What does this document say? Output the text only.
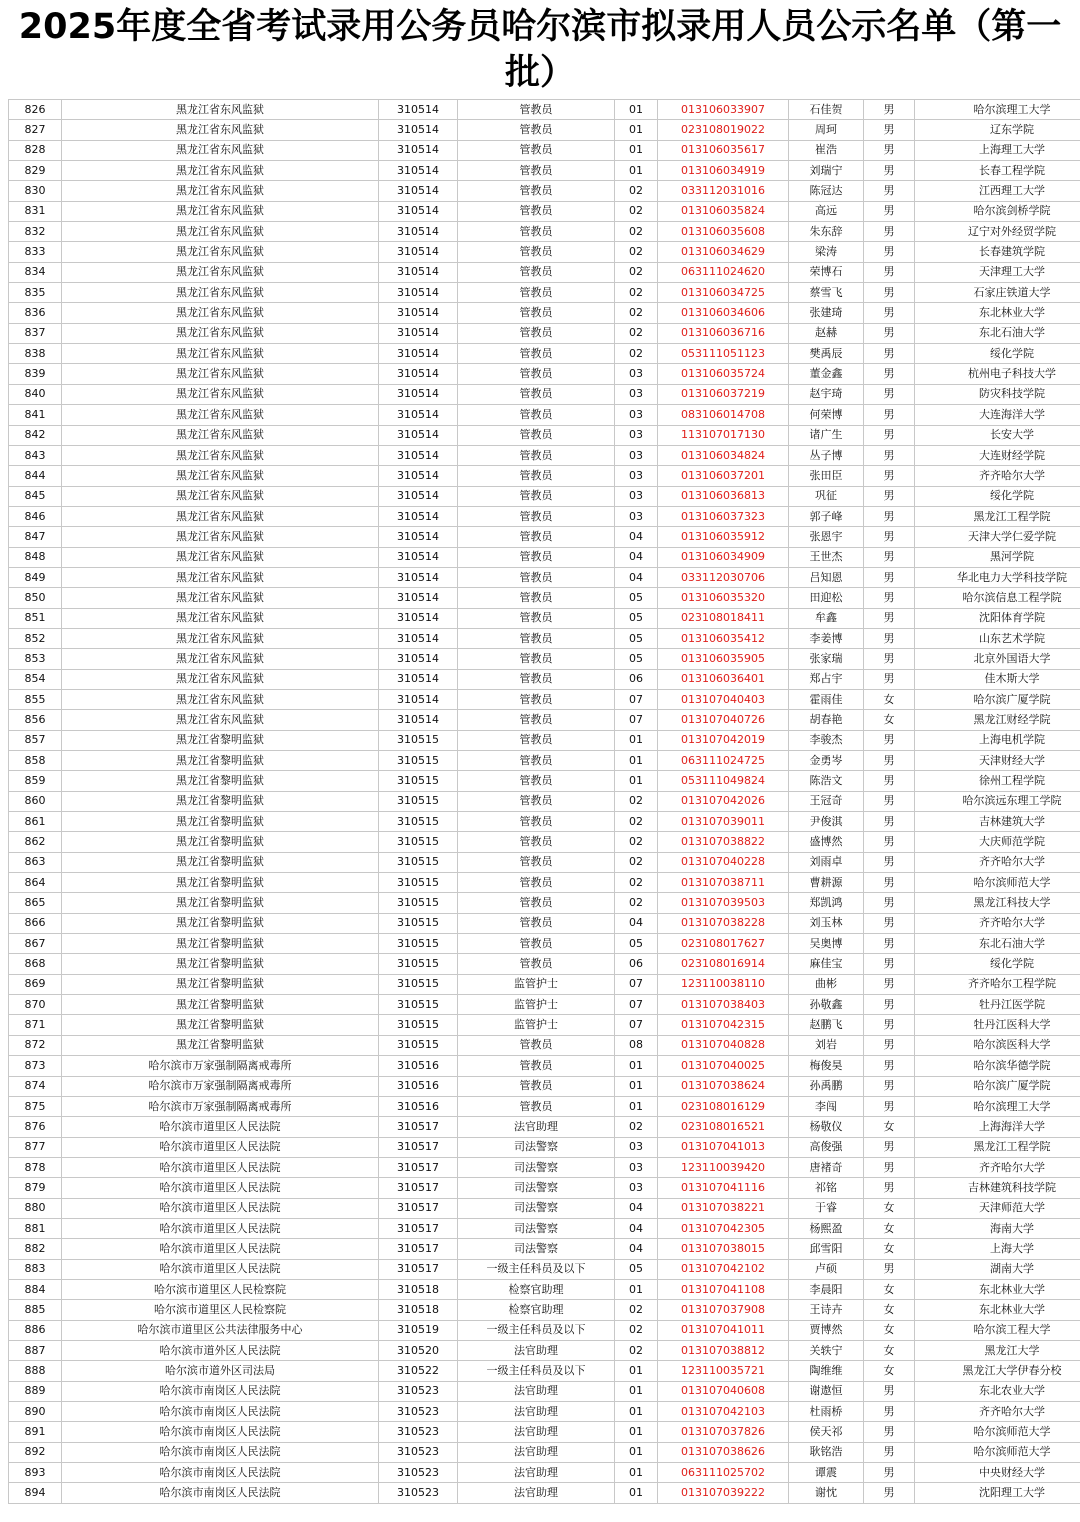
2025年度全省考试录用公务员哈尔滨市拟录用人员公示名单（第一批）
826	黑龙江省东风监狱	310514	管教员	01	013106033907	石佳贺	男	哈尔滨理工大学
827	黑龙江省东风监狱	310514	管教员	01	023108019022	周珂	男	辽东学院
828	黑龙江省东风监狱	310514	管教员	01	013106035617	崔浩	男	上海理工大学
829	黑龙江省东风监狱	310514	管教员	01	013106034919	刘瑞宁	男	长春工程学院
830	黑龙江省东风监狱	310514	管教员	02	033112031016	陈冠达	男	江西理工大学
831	黑龙江省东风监狱	310514	管教员	02	013106035824	高远	男	哈尔滨剑桥学院
832	黑龙江省东风监狱	310514	管教员	02	013106035608	朱东辞	男	辽宁对外经贸学院
833	黑龙江省东风监狱	310514	管教员	02	013106034629	梁涛	男	长春建筑学院
834	黑龙江省东风监狱	310514	管教员	02	063111024620	荣博石	男	天津理工大学
835	黑龙江省东风监狱	310514	管教员	02	013106034725	蔡雪飞	男	石家庄铁道大学
836	黑龙江省东风监狱	310514	管教员	02	013106034606	张建琦	男	东北林业大学
837	黑龙江省东风监狱	310514	管教员	02	013106036716	赵赫	男	东北石油大学
838	黑龙江省东风监狱	310514	管教员	02	053111051123	樊禹辰	男	绥化学院
839	黑龙江省东风监狱	310514	管教员	03	013106035724	董金鑫	男	杭州电子科技大学
840	黑龙江省东风监狱	310514	管教员	03	013106037219	赵宇琦	男	防灾科技学院
841	黑龙江省东风监狱	310514	管教员	03	083106014708	何荣博	男	大连海洋大学
842	黑龙江省东风监狱	310514	管教员	03	113107017130	诸广生	男	长安大学
843	黑龙江省东风监狱	310514	管教员	03	013106034824	丛子博	男	大连财经学院
844	黑龙江省东风监狱	310514	管教员	03	013106037201	张田臣	男	齐齐哈尔大学
845	黑龙江省东风监狱	310514	管教员	03	013106036813	巩征	男	绥化学院
846	黑龙江省东风监狱	310514	管教员	03	013106037323	郭子峰	男	黑龙江工程学院
847	黑龙江省东风监狱	310514	管教员	04	013106035912	张恩宇	男	天津大学仁爱学院
848	黑龙江省东风监狱	310514	管教员	04	013106034909	王世杰	男	黑河学院
849	黑龙江省东风监狱	310514	管教员	04	033112030706	吕知恩	男	华北电力大学科技学院
850	黑龙江省东风监狱	310514	管教员	05	013106035320	田迎松	男	哈尔滨信息工程学院
851	黑龙江省东风监狱	310514	管教员	05	023108018411	牟鑫	男	沈阳体育学院
852	黑龙江省东风监狱	310514	管教员	05	013106035412	李姜博	男	山东艺术学院
853	黑龙江省东风监狱	310514	管教员	05	013106035905	张家瑞	男	北京外国语大学
854	黑龙江省东风监狱	310514	管教员	06	013106036401	郑占宇	男	佳木斯大学
855	黑龙江省东风监狱	310514	管教员	07	013107040403	霍雨佳	女	哈尔滨广厦学院
856	黑龙江省东风监狱	310514	管教员	07	013107040726	胡春艳	女	黑龙江财经学院
857	黑龙江省黎明监狱	310515	管教员	01	013107042019	李骏杰	男	上海电机学院
858	黑龙江省黎明监狱	310515	管教员	01	063111024725	金勇岑	男	天津财经大学
859	黑龙江省黎明监狱	310515	管教员	01	053111049824	陈浩文	男	徐州工程学院
860	黑龙江省黎明监狱	310515	管教员	02	013107042026	王冠奇	男	哈尔滨远东理工学院
861	黑龙江省黎明监狱	310515	管教员	02	013107039011	尹俊淇	男	吉林建筑大学
862	黑龙江省黎明监狱	310515	管教员	02	013107038822	盛博然	男	大庆师范学院
863	黑龙江省黎明监狱	310515	管教员	02	013107040228	刘雨卓	男	齐齐哈尔大学
864	黑龙江省黎明监狱	310515	管教员	02	013107038711	曹耕源	男	哈尔滨师范大学
865	黑龙江省黎明监狱	310515	管教员	02	013107039503	郑凯鸿	男	黑龙江科技大学
866	黑龙江省黎明监狱	310515	管教员	04	013107038228	刘玉林	男	齐齐哈尔大学
867	黑龙江省黎明监狱	310515	管教员	05	023108017627	吴奥博	男	东北石油大学
868	黑龙江省黎明监狱	310515	管教员	06	023108016914	麻佳宝	男	绥化学院
869	黑龙江省黎明监狱	310515	监管护士	07	123110038110	曲彬	男	齐齐哈尔工程学院
870	黑龙江省黎明监狱	310515	监管护士	07	013107038403	孙敬鑫	男	牡丹江医学院
871	黑龙江省黎明监狱	310515	监管护士	07	013107042315	赵鹏飞	男	牡丹江医科大学
872	黑龙江省黎明监狱	310515	管教员	08	013107040828	刘岩	男	哈尔滨医科大学
873	哈尔滨市万家强制隔离戒毒所	310516	管教员	01	013107040025	梅俊昊	男	哈尔滨华德学院
874	哈尔滨市万家强制隔离戒毒所	310516	管教员	01	013107038624	孙禹鹏	男	哈尔滨广厦学院
875	哈尔滨市万家强制隔离戒毒所	310516	管教员	01	023108016129	李闯	男	哈尔滨理工大学
876	哈尔滨市道里区人民法院	310517	法官助理	02	023108016521	杨敬仪	女	上海海洋大学
877	哈尔滨市道里区人民法院	310517	司法警察	03	013107041013	高俊强	男	黑龙江工程学院
878	哈尔滨市道里区人民法院	310517	司法警察	03	123110039420	唐褚奇	男	齐齐哈尔大学
879	哈尔滨市道里区人民法院	310517	司法警察	03	013107041116	祁铭	男	吉林建筑科技学院
880	哈尔滨市道里区人民法院	310517	司法警察	04	013107038221	于睿	女	天津师范大学
881	哈尔滨市道里区人民法院	310517	司法警察	04	013107042305	杨熙盈	女	海南大学
882	哈尔滨市道里区人民法院	310517	司法警察	04	013107038015	邱雪阳	女	上海大学
883	哈尔滨市道里区人民法院	310517	一级主任科员及以下	05	013107042102	卢硕	男	湖南大学
884	哈尔滨市道里区人民检察院	310518	检察官助理	01	013107041108	李晨阳	女	东北林业大学
885	哈尔滨市道里区人民检察院	310518	检察官助理	02	013107037908	王诗卉	女	东北林业大学
886	哈尔滨市道里区公共法律服务中心	310519	一级主任科员及以下	02	013107041011	贾博然	女	哈尔滨工程大学
887	哈尔滨市道外区人民法院	310520	法官助理	02	013107038812	关轶宁	女	黑龙江大学
888	哈尔滨市道外区司法局	310522	一级主任科员及以下	01	123110035721	陶维维	女	黑龙江大学伊春分校
889	哈尔滨市南岗区人民法院	310523	法官助理	01	013107040608	谢遨恒	男	东北农业大学
890	哈尔滨市南岗区人民法院	310523	法官助理	01	013107042103	杜雨桥	男	齐齐哈尔大学
891	哈尔滨市南岗区人民法院	310523	法官助理	01	013107037826	侯天祁	男	哈尔滨师范大学
892	哈尔滨市南岗区人民法院	310523	法官助理	01	013107038626	耿铭浩	男	哈尔滨师范大学
893	哈尔滨市南岗区人民法院	310523	法官助理	01	063111025702	谭震	男	中央财经大学
894	哈尔滨市南岗区人民法院	310523	法官助理	01	013107039222	谢忱	男	沈阳理工大学
